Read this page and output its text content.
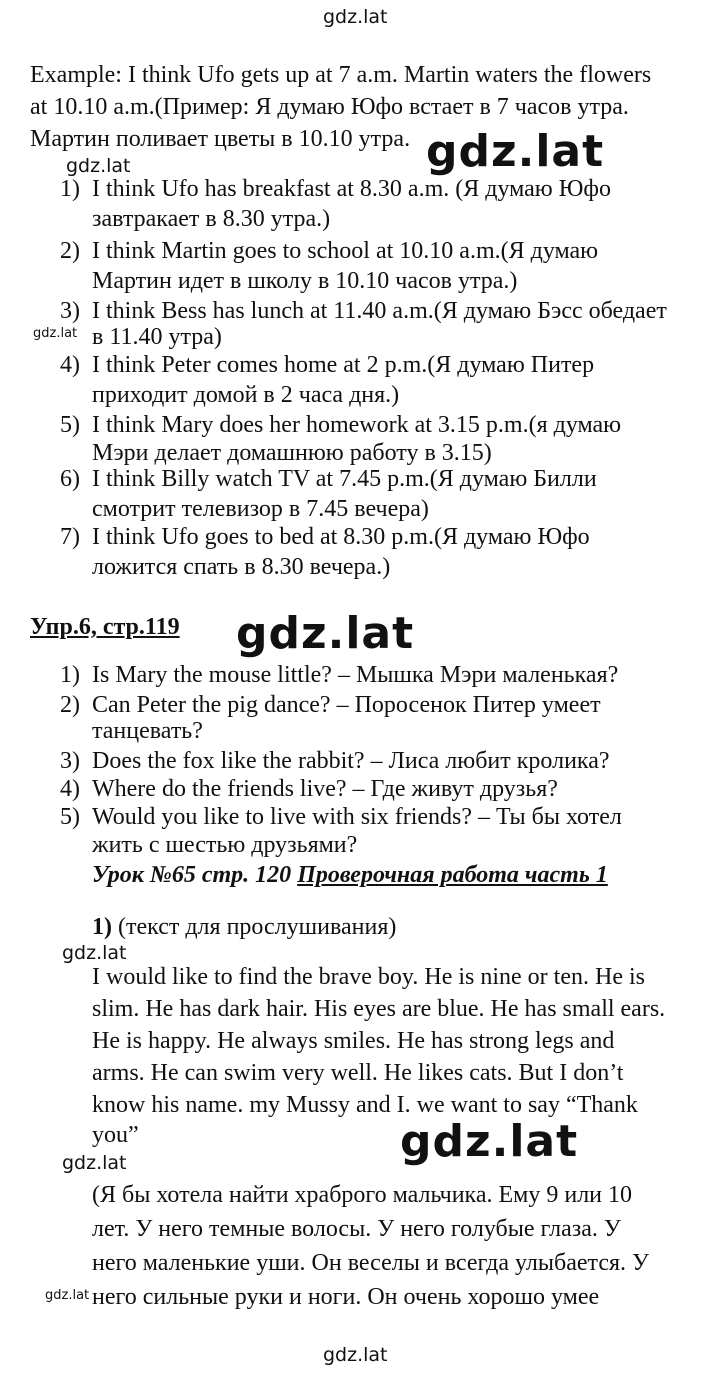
gdz.lat
gdz.lat	gdz.lat
gdz.lat
gdz.lat
gdz.lat
gdz.lat	gdz.lat
gdz.lat
gdz.lat
Example: I think Ufo gets up at 7 a.m. Martin waters the flowers
at 10.10 a.m.(Пример: Я думаю Юфо встает в 7 часов утра.
Мартин поливает цветы в 10.10 утра.
1) I think Ufo has breakfast at 8.30 a.m. (Я думаю Юфо
завтракает в 8.30 утра.)
2) I think Martin goes to school at 10.10 a.m.(Я думаю
Мартин идет в школу в 10.10 часов утра.)
3) I think Bess has lunch at 11.40 a.m.(Я думаю Бэсс обедает
в 11.40 утра)
4) I think Peter comes home at 2 p.m.(Я думаю Питер
приходит домой в 2 часа дня.)
5) I think Mary does her homework at 3.15 p.m.(я думаю
Мэри делает домашнюю работу в 3.15)
6) I think Billy watch TV at 7.45 p.m.(Я думаю Билли
смотрит телевизор в 7.45 вечера)
7) I think Ufo goes to bed at 8.30 p.m.(Я думаю Юфо
ложится спать в 8.30 вечера.)
Упр.6, стр.119
1) Is Mary the mouse little? – Мышка Мэри маленькая?
2) Can Peter the pig dance? – Поросенок Питер умеет
танцевать?
3) Does the fox like the rabbit? – Лиса любит кролика?
4) Where do the friends live? – Где живут друзья?
5) Would you like to live with six friends? – Ты бы хотел
жить с шестью друзьями?
Урок №65 стр. 120 Проверочная работа часть 1
1) (текст для прослушивания)
I would like to find the brave boy. He is nine or ten. He is
slim. He has dark hair. His eyes are blue. He has small ears.
He is happy. He always smiles. He has strong legs and
arms. He can swim very well. He likes cats. But I don’t
know his name. my Mussy and I. we want to say “Thank
you”
(Я бы хотела найти храброго мальчика. Ему 9 или 10
лет. У него темные волосы. У него голубые глаза. У
него маленькие уши. Он веселы и всегда улыбается. У
него сильные руки и ноги. Он очень хорошо умее
